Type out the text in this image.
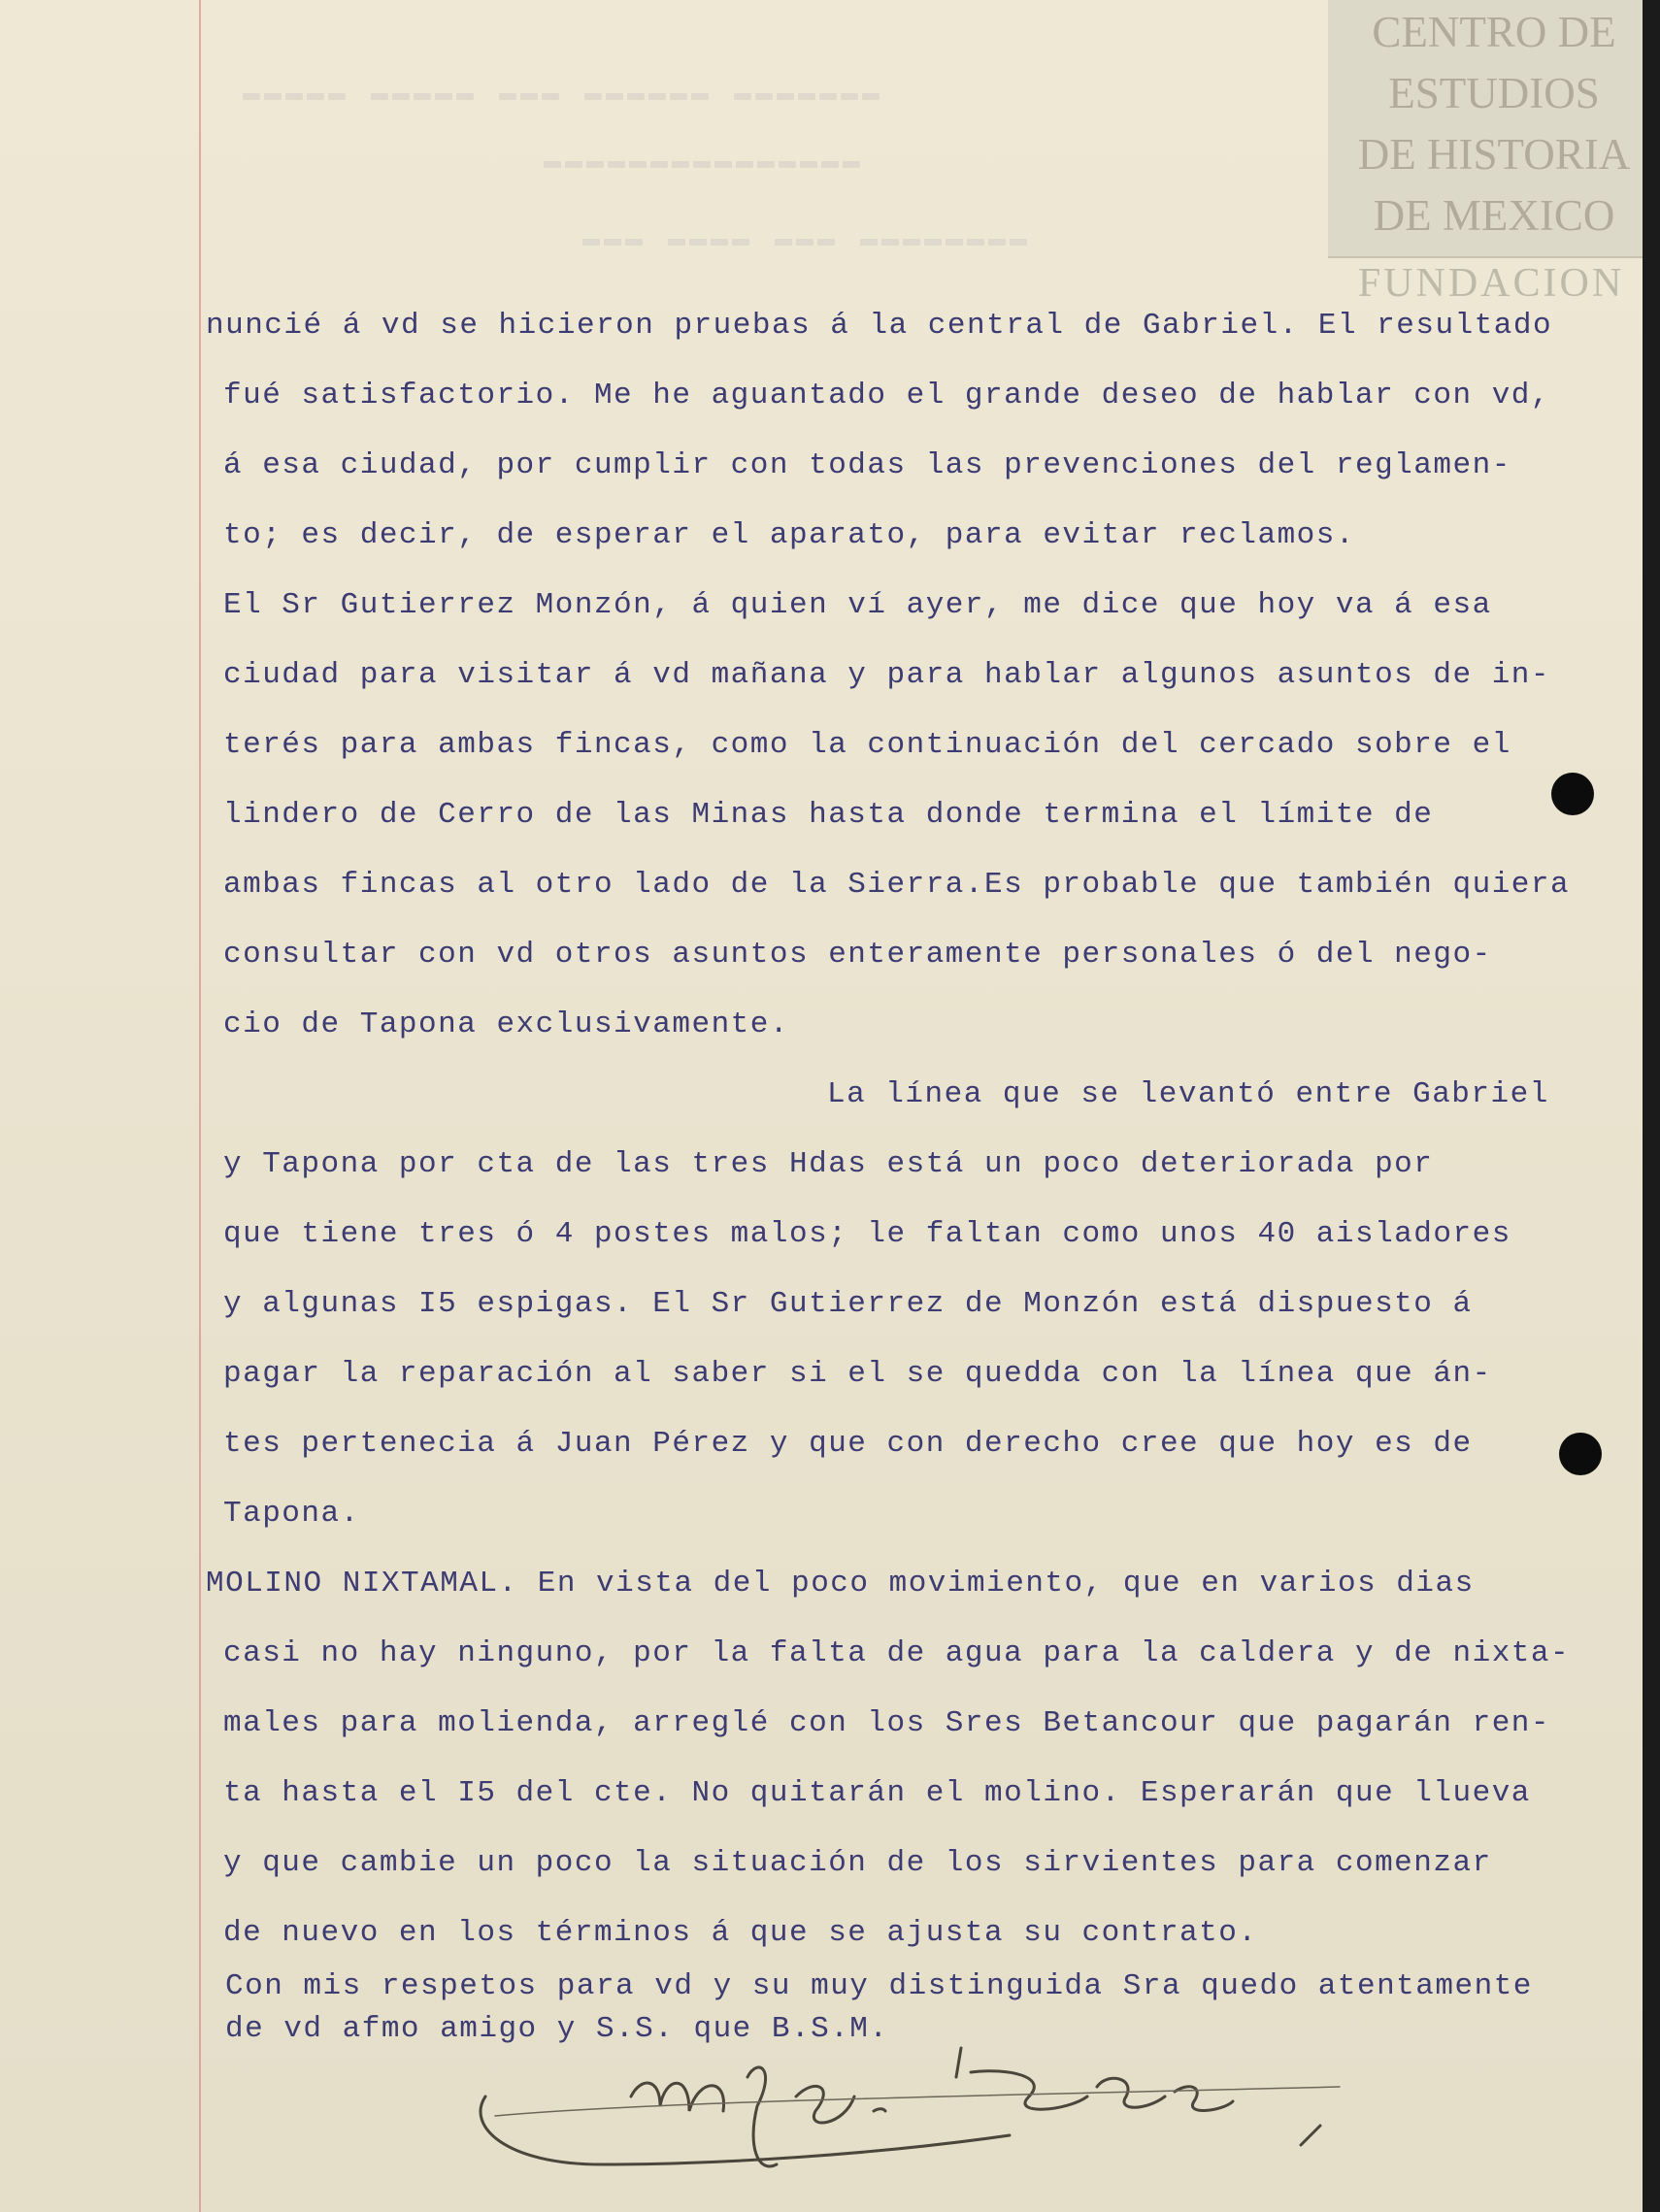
▬▬▬▬▬ ▬▬▬▬▬ ▬▬▬ ▬▬▬▬▬▬ ▬▬▬▬▬▬▬
▬▬▬▬▬▬▬▬▬▬▬▬▬▬▬
▬▬▬ ▬▬▬▬ ▬▬▬ ▬▬▬▬▬▬▬▬
CENTRO DE
ESTUDIOS
DE HISTORIA
DE MEXICO
FUNDACION
nuncié á vd se hicieron pruebas á la central de Gabriel. El resultado
fué satisfactorio. Me he aguantado el grande deseo de hablar con vd,
á esa ciudad, por cumplir con todas las prevenciones del reglamen-
to; es decir, de esperar el aparato, para evitar reclamos.
El Sr Gutierrez Monzón, á quien ví ayer, me dice que hoy va á esa
ciudad para visitar á vd mañana y para hablar algunos asuntos de in-
terés para ambas fincas, como la continuación del cercado sobre el
lindero de Cerro de las Minas hasta donde termina el límite de
ambas fincas al otro lado de la Sierra.Es probable que también quiera
consultar con vd otros asuntos enteramente personales ó del nego-
cio de Tapona exclusivamente.
La línea que se levantó entre Gabriel
y Tapona por cta de las tres Hdas está un poco deteriorada por
que tiene tres ó 4 postes malos; le faltan como unos 40 aisladores
y algunas I5 espigas. El Sr Gutierrez de Monzón está dispuesto á
pagar la reparación al saber si el se quedda con la línea que án-
tes pertenecia á Juan Pérez y que con derecho cree que hoy es de
Tapona.
MOLINO NIXTAMAL. En vista del poco movimiento, que en varios dias
casi no hay ninguno, por la falta de agua para la caldera y de nixta-
males para molienda, arreglé con los Sres Betancour que pagarán ren-
ta hasta el I5 del cte. No quitarán el molino. Esperarán que llueva
y que cambie un poco la situación de los sirvientes para comenzar
de nuevo en los términos á que se ajusta su contrato.
Con mis respetos para vd y su muy distinguida Sra quedo atentamente
de vd afmo amigo y S.S. que B.S.M.
